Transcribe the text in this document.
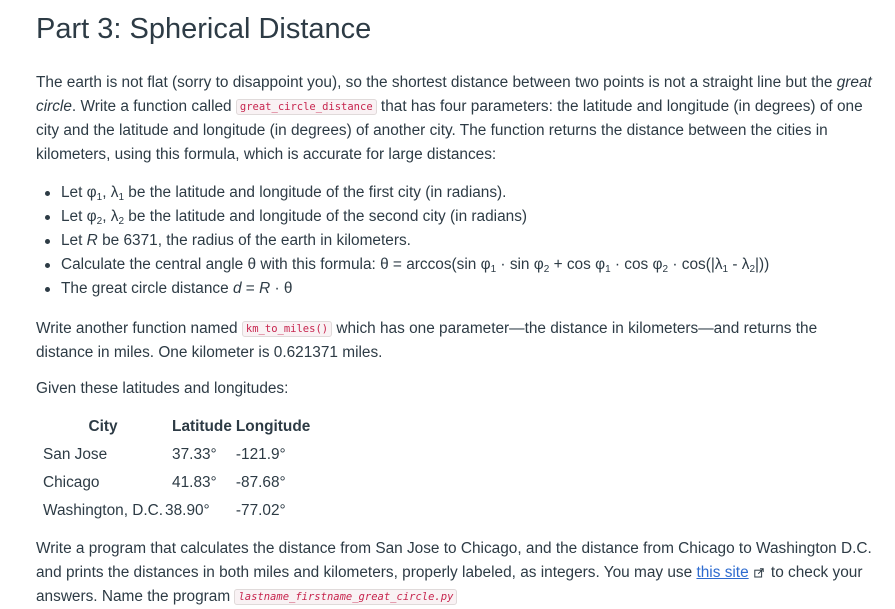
Part 3: Spherical Distance

The earth is not flat (sorry to disappoint you), so the shortest distance between two points is not a straight line but the great circle. Write a function called great_circle_distance that has four parameters: the latitude and longitude (in degrees) of one city and the latitude and longitude (in degrees) of another city. The function returns the distance between the cities in kilometers, using this formula, which is accurate for large distances:

Let $\varphi_1$, $\lambda_1$ be the latitude and longitude of the first city (in radians).
Let $\varphi_2$, $\lambda_2$ be the latitude and longitude of the second city (in radians)
Let R be 6371, the radius of the earth in kilometers.
Calculate the central angle θ with this formula: θ = arccos(sin $\varphi_1 \cdot \sin \varphi_2 + \cos \varphi_1 \cdot \cos \varphi_2 \cdot \cos(|\lambda_1 - \lambda_2|)$)
The great circle distance d = R · θ

Write another function named km_to_miles() which has one parameter—the distance in kilometers—and returns the distance in miles. One kilometer is 0.621371 miles.

Given these latitudes and longitudes:

City	Latitude	Longitude
San Jose	37.33°	-121.9°
Chicago	41.83°	-87.68°
Washington, D.C.	38.90°	-77.02°

Write a program that calculates the distance from San Jose to Chicago, and the distance from Chicago to Washington D.C. and prints the distances in both miles and kilometers, properly labeled, as integers. You may use this site to check your answers. Name the program lastname_firstname_great_circle.py
